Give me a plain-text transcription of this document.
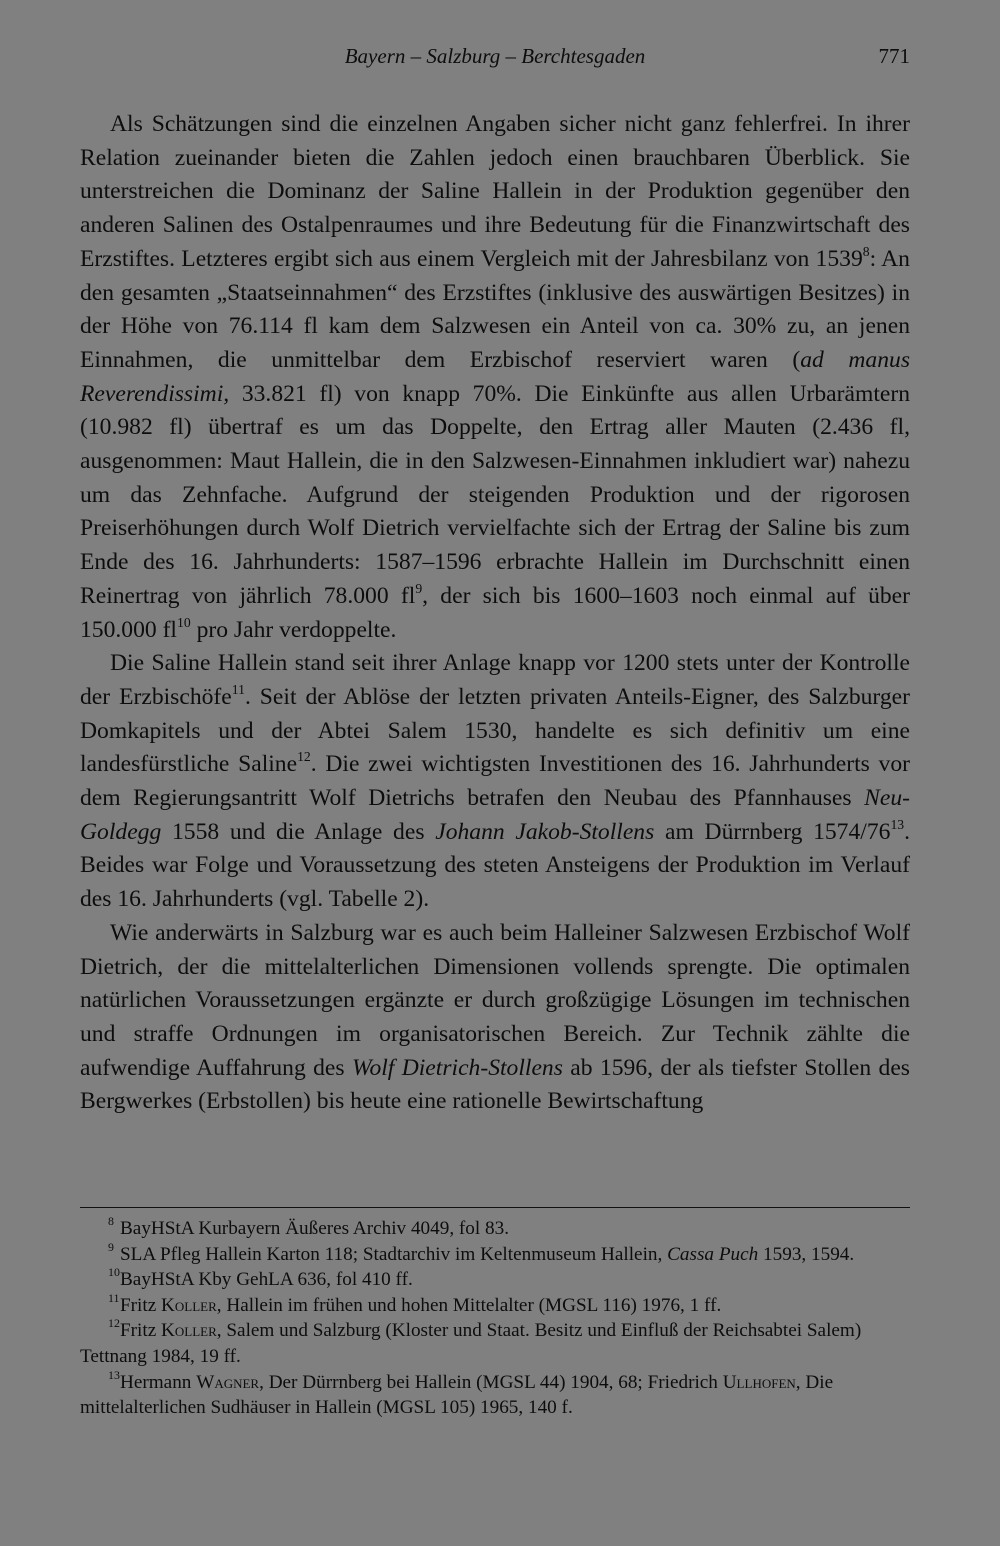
Bayern – Salzburg – Berchtesgaden	771

Als Schätzungen sind die einzelnen Angaben sicher nicht ganz fehlerfrei. In ihrer Relation zueinander bieten die Zahlen jedoch einen brauchbaren Überblick. Sie unterstreichen die Dominanz der Saline Hallein in der Produktion gegenüber den anderen Salinen des Ostalpenraumes und ihre Bedeutung für die Finanzwirtschaft des Erzstiftes. Letzteres ergibt sich aus einem Vergleich mit der Jahresbilanz von 1539$^8$: An den gesamten „Staatseinnahmen“ des Erzstiftes (inklusive des auswärtigen Besitzes) in der Höhe von 76.114 fl kam dem Salzwesen ein Anteil von ca. 30% zu, an jenen Einnahmen, die unmittelbar dem Erzbischof reserviert waren (ad manus Reverendissimi, 33.821 fl) von knapp 70%. Die Einkünfte aus allen Urbarämtern (10.982 fl) übertraf es um das Doppelte, den Ertrag aller Mauten (2.436 fl, ausgenommen: Maut Hallein, die in den Salzwesen-Einnahmen inkludiert war) nahezu um das Zehnfache. Aufgrund der steigenden Produktion und der rigorosen Preiserhöhungen durch Wolf Dietrich vervielfachte sich der Ertrag der Saline bis zum Ende des 16. Jahrhunderts: 1587–1596 erbrachte Hallein im Durchschnitt einen Reinertrag von jährlich 78.000 $fl^9$, der sich bis 1600–1603 noch einmal auf über 150.000 $fl^{10}$ pro Jahr verdoppelte.

Die Saline Hallein stand seit ihrer Anlage knapp vor 1200 stets unter der Kontrolle der Erzbischöfe$^{11}$. Seit der Ablöse der letzten privaten Anteils-Eigner, des Salzburger Domkapitels und der Abtei Salem 1530, handelte es sich definitiv um eine landesfürstliche Saline$^{12}$. Die zwei wichtigsten Investitionen des 16. Jahrhunderts vor dem Regierungsantritt Wolf Dietrichs betrafen den Neubau des Pfannhauses Neu-Goldegg 1558 und die Anlage des Johann Jakob-Stollens am Dürrnberg $1574/76^{13}$. Beides war Folge und Voraussetzung des steten Ansteigens der Produktion im Verlauf des 16. Jahrhunderts (vgl. Tabelle 2).

Wie anderwärts in Salzburg war es auch beim Halleiner Salzwesen Erzbischof Wolf Dietrich, der die mittelalterlichen Dimensionen vollends sprengte. Die optimalen natürlichen Voraussetzungen ergänzte er durch großzügige Lösungen im technischen und straffe Ordnungen im organisatorischen Bereich. Zur Technik zählte die aufwendige Auffahrung des Wolf Dietrich-Stollens ab 1596, der als tiefster Stollen des Bergwerkes (Erbstollen) bis heute eine rationelle Bewirtschaftung

8 BayHStA Kurbayern Äußeres Archiv 4049, fol 83.

9 SLA Pfleg Hallein Karton 118; Stadtarchiv im Keltenmuseum Hallein, Cassa Puch 1593, 1594.

10BayHStA Kby GehLA 636, fol 410 ff.

11Fritz Koller, Hallein im frühen und hohen Mittelalter (MGSL 116) 1976, 1 ff.

12Fritz Koller, Salem und Salzburg (Kloster und Staat. Besitz und Einfluß der Reichsabtei Salem) Tettnang 1984, 19 ff.

13Hermann Wagner, Der Dürrnberg bei Hallein (MGSL 44) 1904, 68; Friedrich Ullhofen, Die mittelalterlichen Sudhäuser in Hallein (MGSL 105) 1965, 140 f.
